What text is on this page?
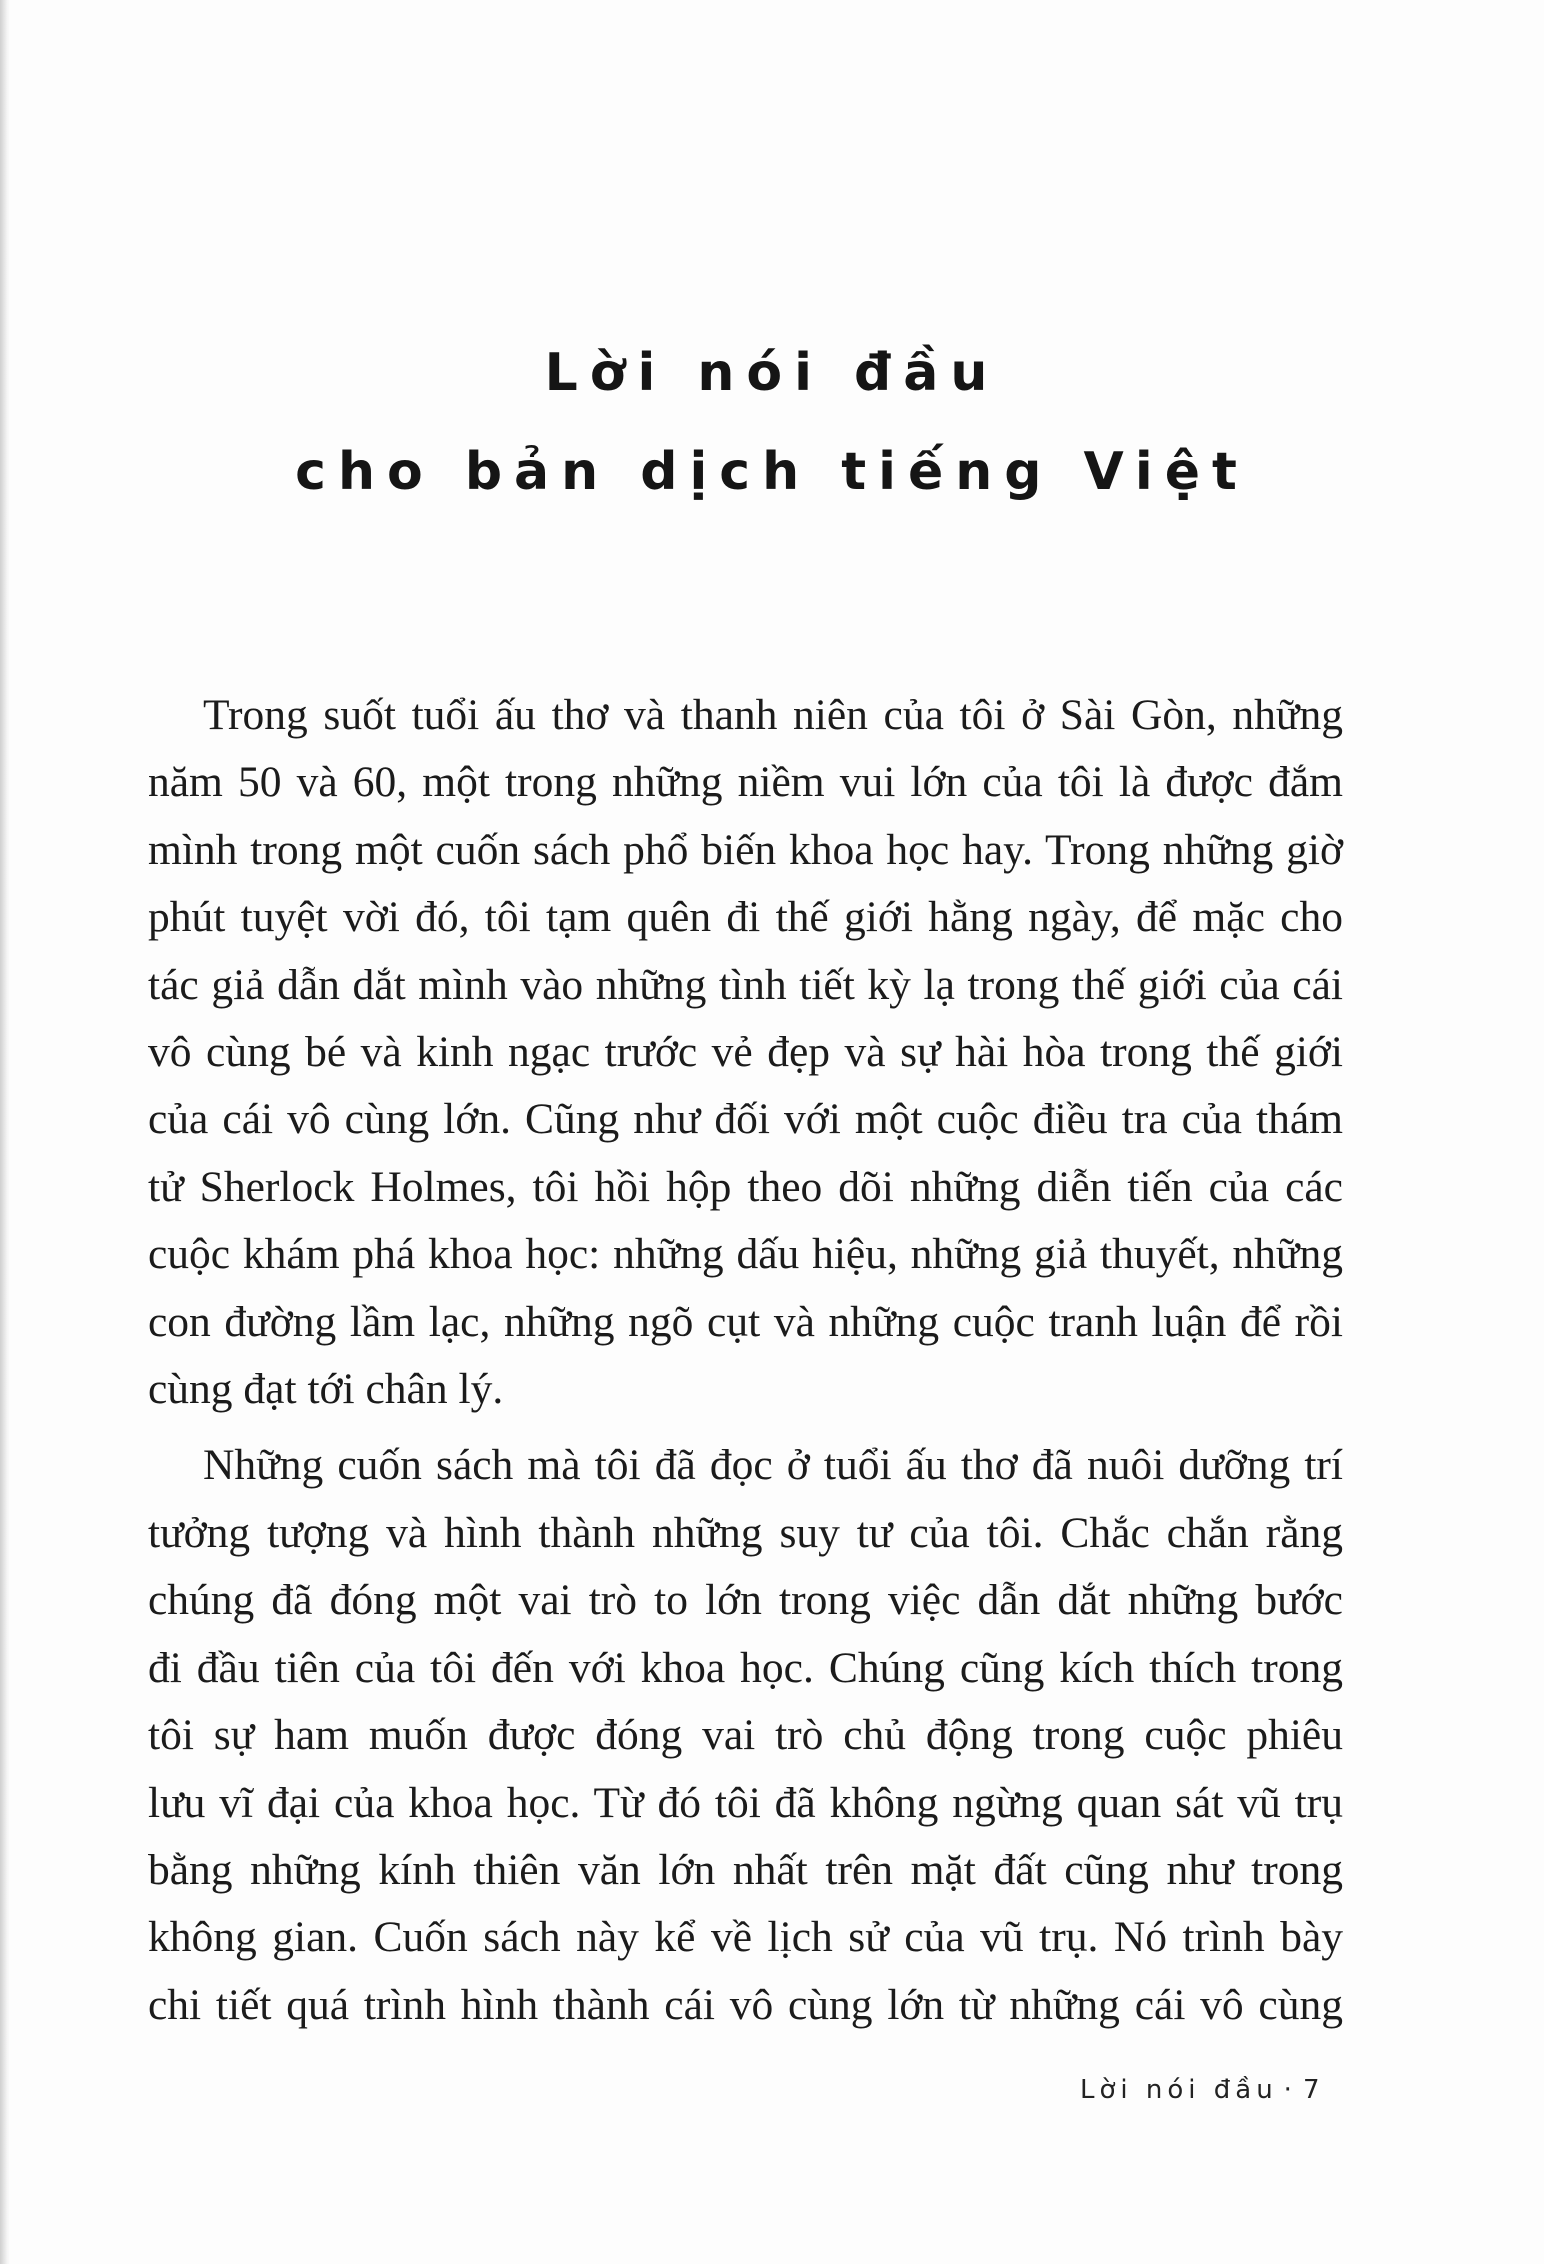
Lời nói đầu
cho bản dịch tiếng Việt

Trong suốt tuổi ấu thơ và thanh niên của tôi ở Sài Gòn, những
năm 50 và 60, một trong những niềm vui lớn của tôi là được đắm
mình trong một cuốn sách phổ biến khoa học hay. Trong những giờ
phút tuyệt vời đó, tôi tạm quên đi thế giới hằng ngày, để mặc cho
tác giả dẫn dắt mình vào những tình tiết kỳ lạ trong thế giới của cái
vô cùng bé và kinh ngạc trước vẻ đẹp và sự hài hòa trong thế giới
của cái vô cùng lớn. Cũng như đối với một cuộc điều tra của thám
tử Sherlock Holmes, tôi hồi hộp theo dõi những diễn tiến của các
cuộc khám phá khoa học: những dấu hiệu, những giả thuyết, những
con đường lầm lạc, những ngõ cụt và những cuộc tranh luận để rồi
cùng đạt tới chân lý.

Những cuốn sách mà tôi đã đọc ở tuổi ấu thơ đã nuôi dưỡng trí
tưởng tượng và hình thành những suy tư của tôi. Chắc chắn rằng
chúng đã đóng một vai trò to lớn trong việc dẫn dắt những bước
đi đầu tiên của tôi đến với khoa học. Chúng cũng kích thích trong
tôi sự ham muốn được đóng vai trò chủ động trong cuộc phiêu
lưu vĩ đại của khoa học. Từ đó tôi đã không ngừng quan sát vũ trụ
bằng những kính thiên văn lớn nhất trên mặt đất cũng như trong
không gian. Cuốn sách này kể về lịch sử của vũ trụ. Nó trình bày
chi tiết quá trình hình thành cái vô cùng lớn từ những cái vô cùng

Lời nói đầu · 7
